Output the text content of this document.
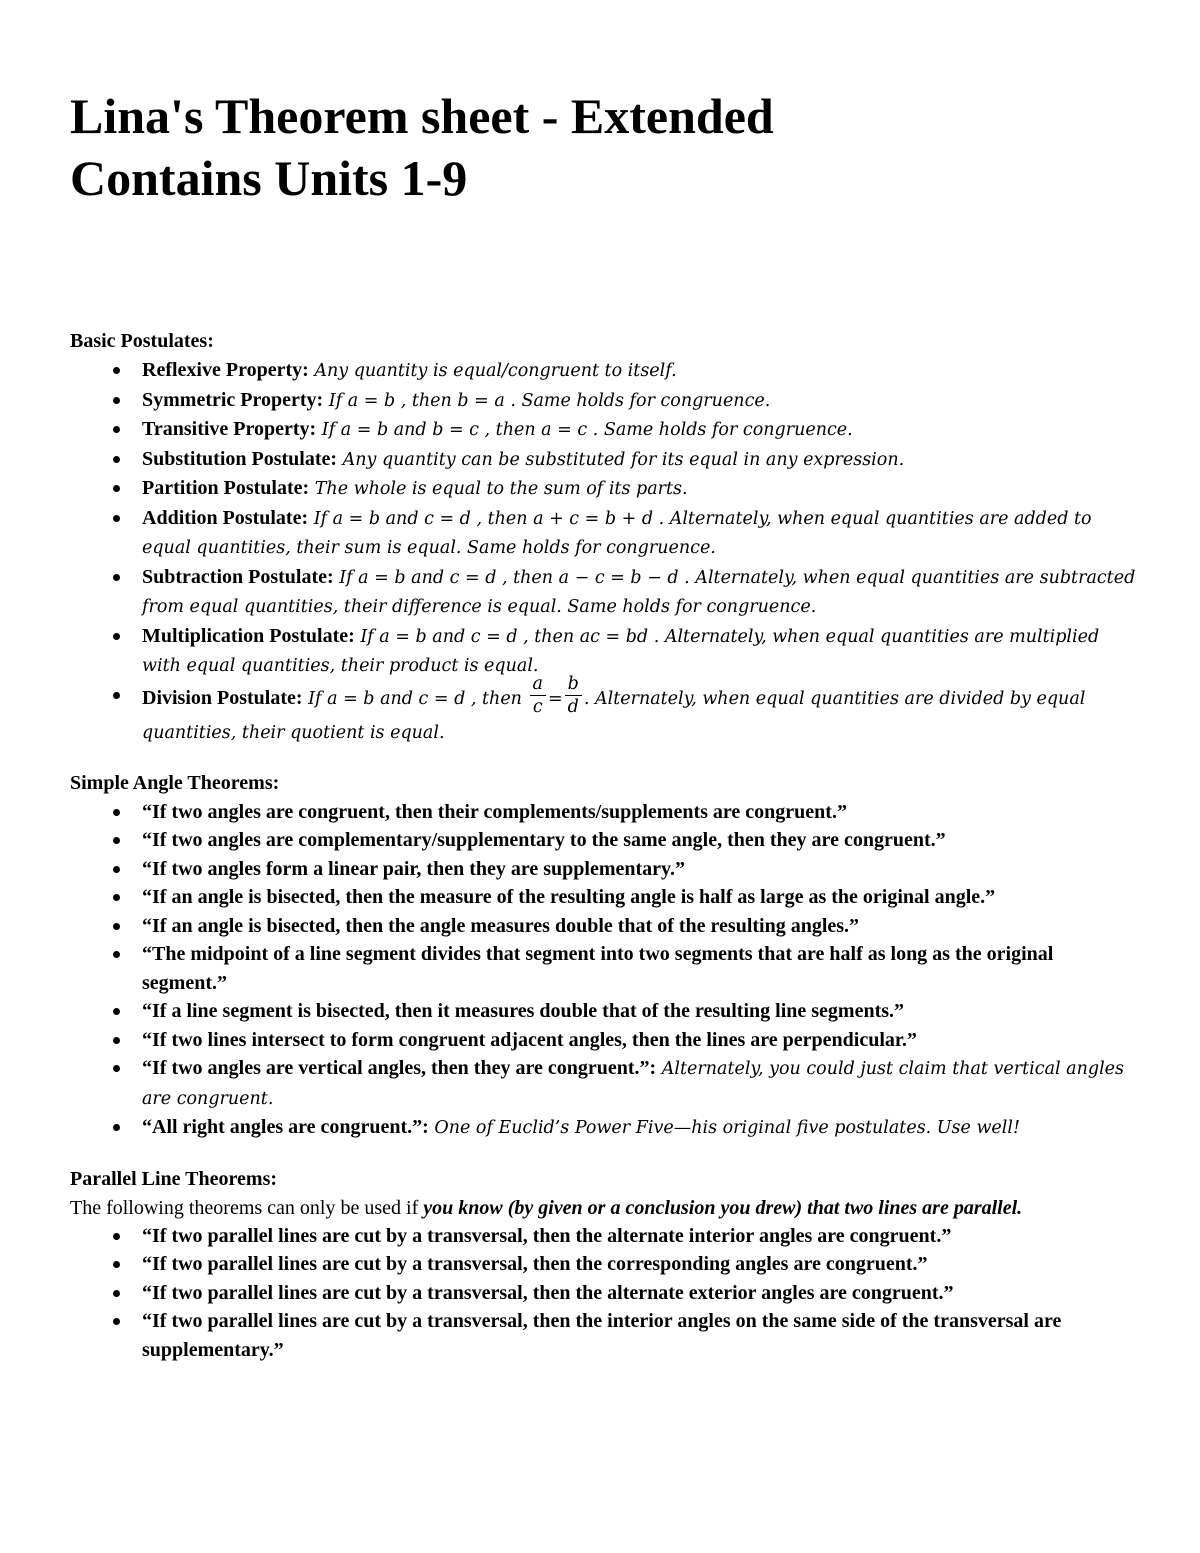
Lina's Theorem sheet - Extended
Contains Units 1-9
Basic Postulates:
Reflexive Property: Any quantity is equal/congruent to itself.
Symmetric Property: If a = b , then b = a . Same holds for congruence.
Transitive Property: If a = b and b = c , then a = c . Same holds for congruence.
Substitution Postulate: Any quantity can be substituted for its equal in any expression.
Partition Postulate: The whole is equal to the sum of its parts.
Addition Postulate: If a = b and c = d , then a + c = b + d . Alternately, when equal quantities are added to equal quantities, their sum is equal. Same holds for congruence.
Subtraction Postulate: If a = b and c = d , then a − c = b − d . Alternately, when equal quantities are subtracted from equal quantities, their difference is equal. Same holds for congruence.
Multiplication Postulate: If a = b and c = d , then ac = bd . Alternately, when equal quantities are multiplied with equal quantities, their product is equal.
Division Postulate: If a = b and c = d , then $\frac{a}{c} = \frac{b}{d}$ . Alternately, when equal quantities are divided by equal quantities, their quotient is equal.
Simple Angle Theorems:
“If two angles are congruent, then their complements/supplements are congruent.”
“If two angles are complementary/supplementary to the same angle, then they are congruent.”
“If two angles form a linear pair, then they are supplementary.”
“If an angle is bisected, then the measure of the resulting angle is half as large as the original angle.”
“If an angle is bisected, then the angle measures double that of the resulting angles.”
“The midpoint of a line segment divides that segment into two segments that are half as long as the original segment.”
“If a line segment is bisected, then it measures double that of the resulting line segments.”
“If two lines intersect to form congruent adjacent angles, then the lines are perpendicular.”
“If two angles are vertical angles, then they are congruent.”: Alternately, you could just claim that vertical angles are congruent.
“All right angles are congruent.”: One of Euclid’s Power Five—his original five postulates. Use well!
Parallel Line Theorems:
The following theorems can only be used if you know (by given or a conclusion you drew) that two lines are parallel.
“If two parallel lines are cut by a transversal, then the alternate interior angles are congruent.”
“If two parallel lines are cut by a transversal, then the corresponding angles are congruent.”
“If two parallel lines are cut by a transversal, then the alternate exterior angles are congruent.”
“If two parallel lines are cut by a transversal, then the interior angles on the same side of the transversal are supplementary.”
